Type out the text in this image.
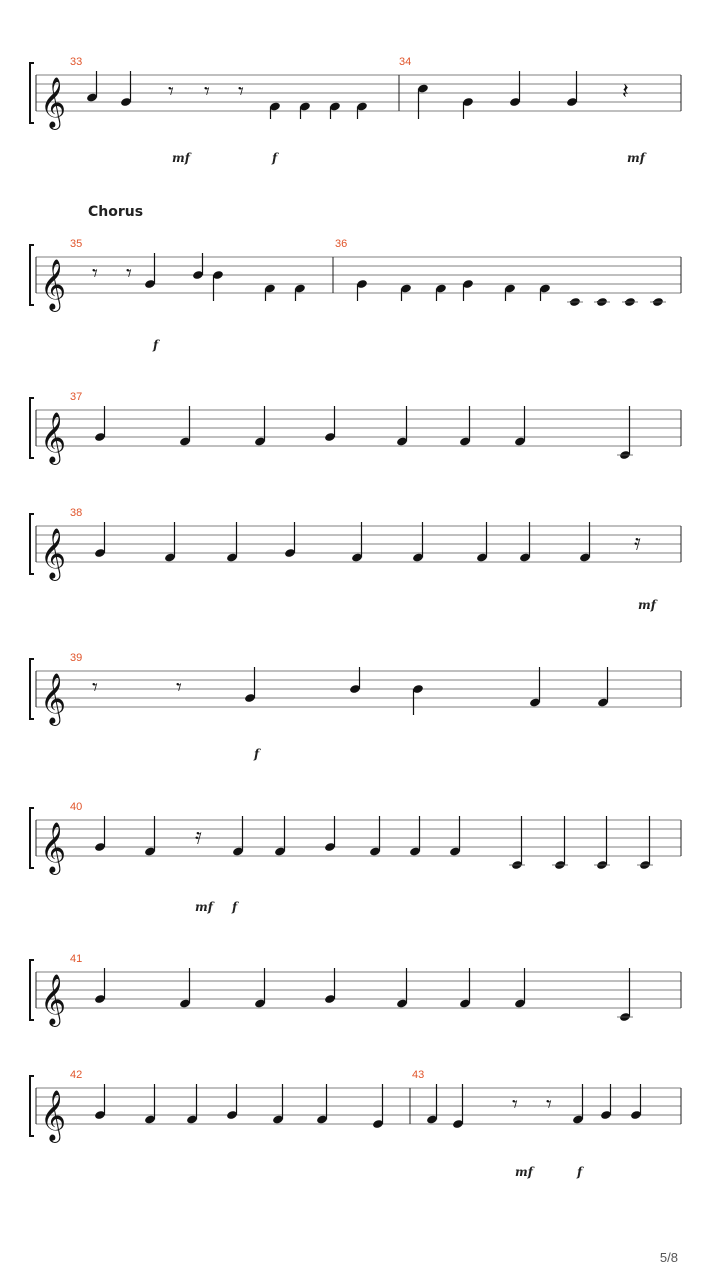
Chorus
𝄞
33	34
𝄾 𝄾 𝄾	𝄽
mf	f	mf
𝄞
35	36
𝄾 𝄾
f
𝄞
37
𝄞
38
𝄿
mf
𝄞
39
𝄾	𝄾
f
𝄞
40
𝄿
mf f
𝄞
41
𝄞
42	43
𝄾 𝄾
mf	f
5/8
